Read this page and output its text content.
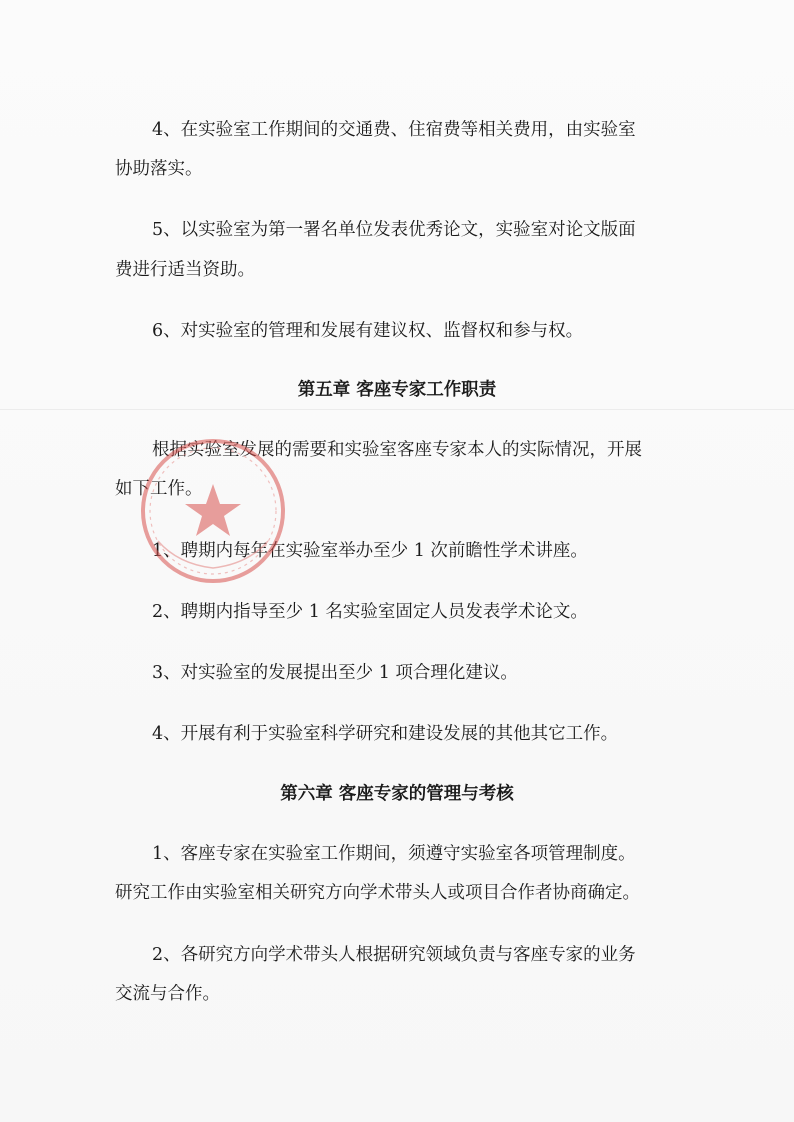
4、在实验室工作期间的交通费、住宿费等相关费用，由实验室
协助落实。
5、以实验室为第一署名单位发表优秀论文，实验室对论文版面
费进行适当资助。
6、对实验室的管理和发展有建议权、监督权和参与权。
第五章 客座专家工作职责
根据实验室发展的需要和实验室客座专家本人的实际情况，开展
如下工作。
1、聘期内每年在实验室举办至少 1 次前瞻性学术讲座。
2、聘期内指导至少 1 名实验室固定人员发表学术论文。
3、对实验室的发展提出至少 1 项合理化建议。
4、开展有利于实验室科学研究和建设发展的其他其它工作。
第六章 客座专家的管理与考核
1、客座专家在实验室工作期间，须遵守实验室各项管理制度。
研究工作由实验室相关研究方向学术带头人或项目合作者协商确定。
2、各研究方向学术带头人根据研究领域负责与客座专家的业务
交流与合作。
